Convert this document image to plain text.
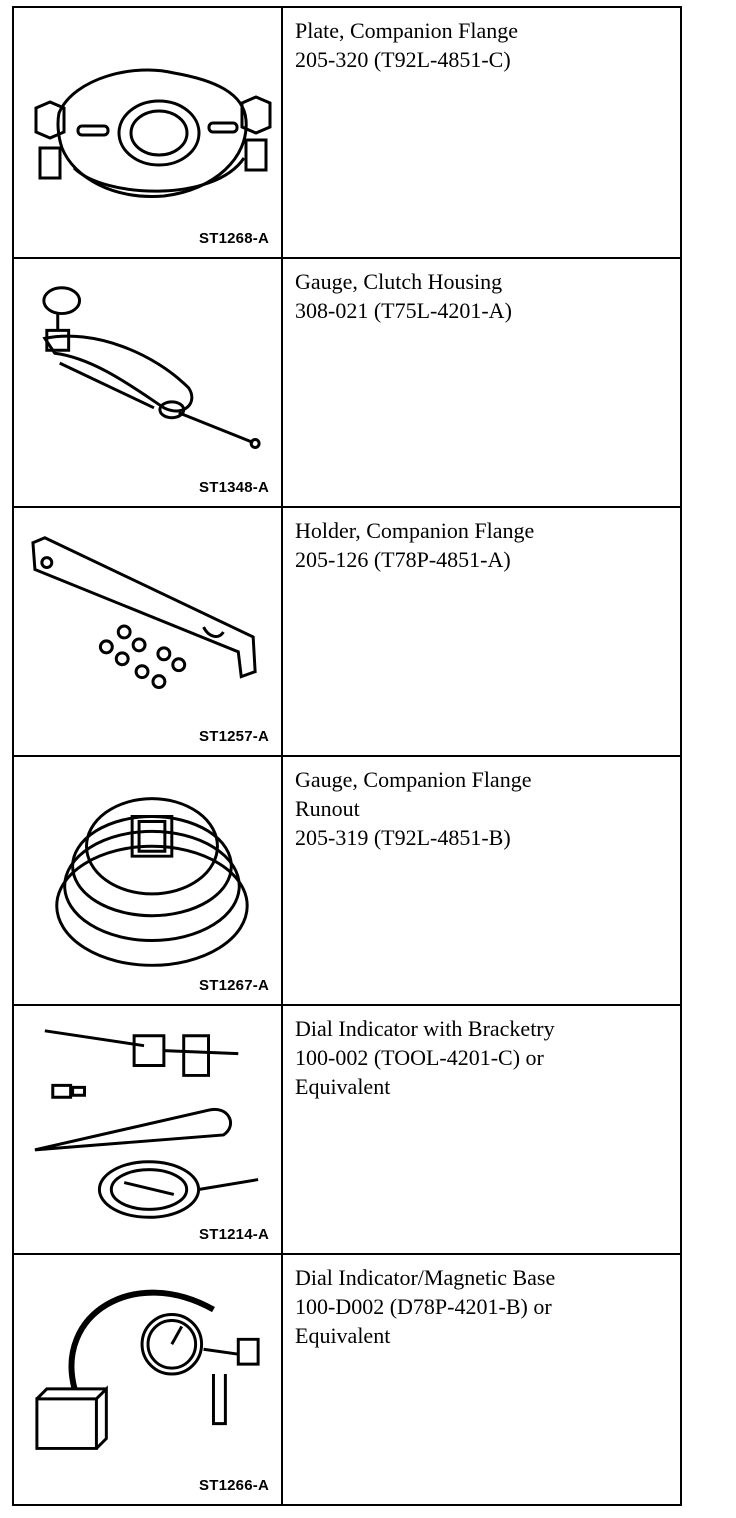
ST1268-A
Plate, Companion Flange
205-320 (T92L-4851-C)
ST1348-A
Gauge, Clutch Housing
308-021 (T75L-4201-A)
ST1257-A
Holder, Companion Flange
205-126 (T78P-4851-A)
ST1267-A
Gauge, Companion Flange
Runout
205-319 (T92L-4851-B)
ST1214-A
Dial Indicator with Bracketry
100-002 (TOOL-4201-C) or
Equivalent
ST1266-A
Dial Indicator/Magnetic Base
100-D002 (D78P-4201-B) or
Equivalent
